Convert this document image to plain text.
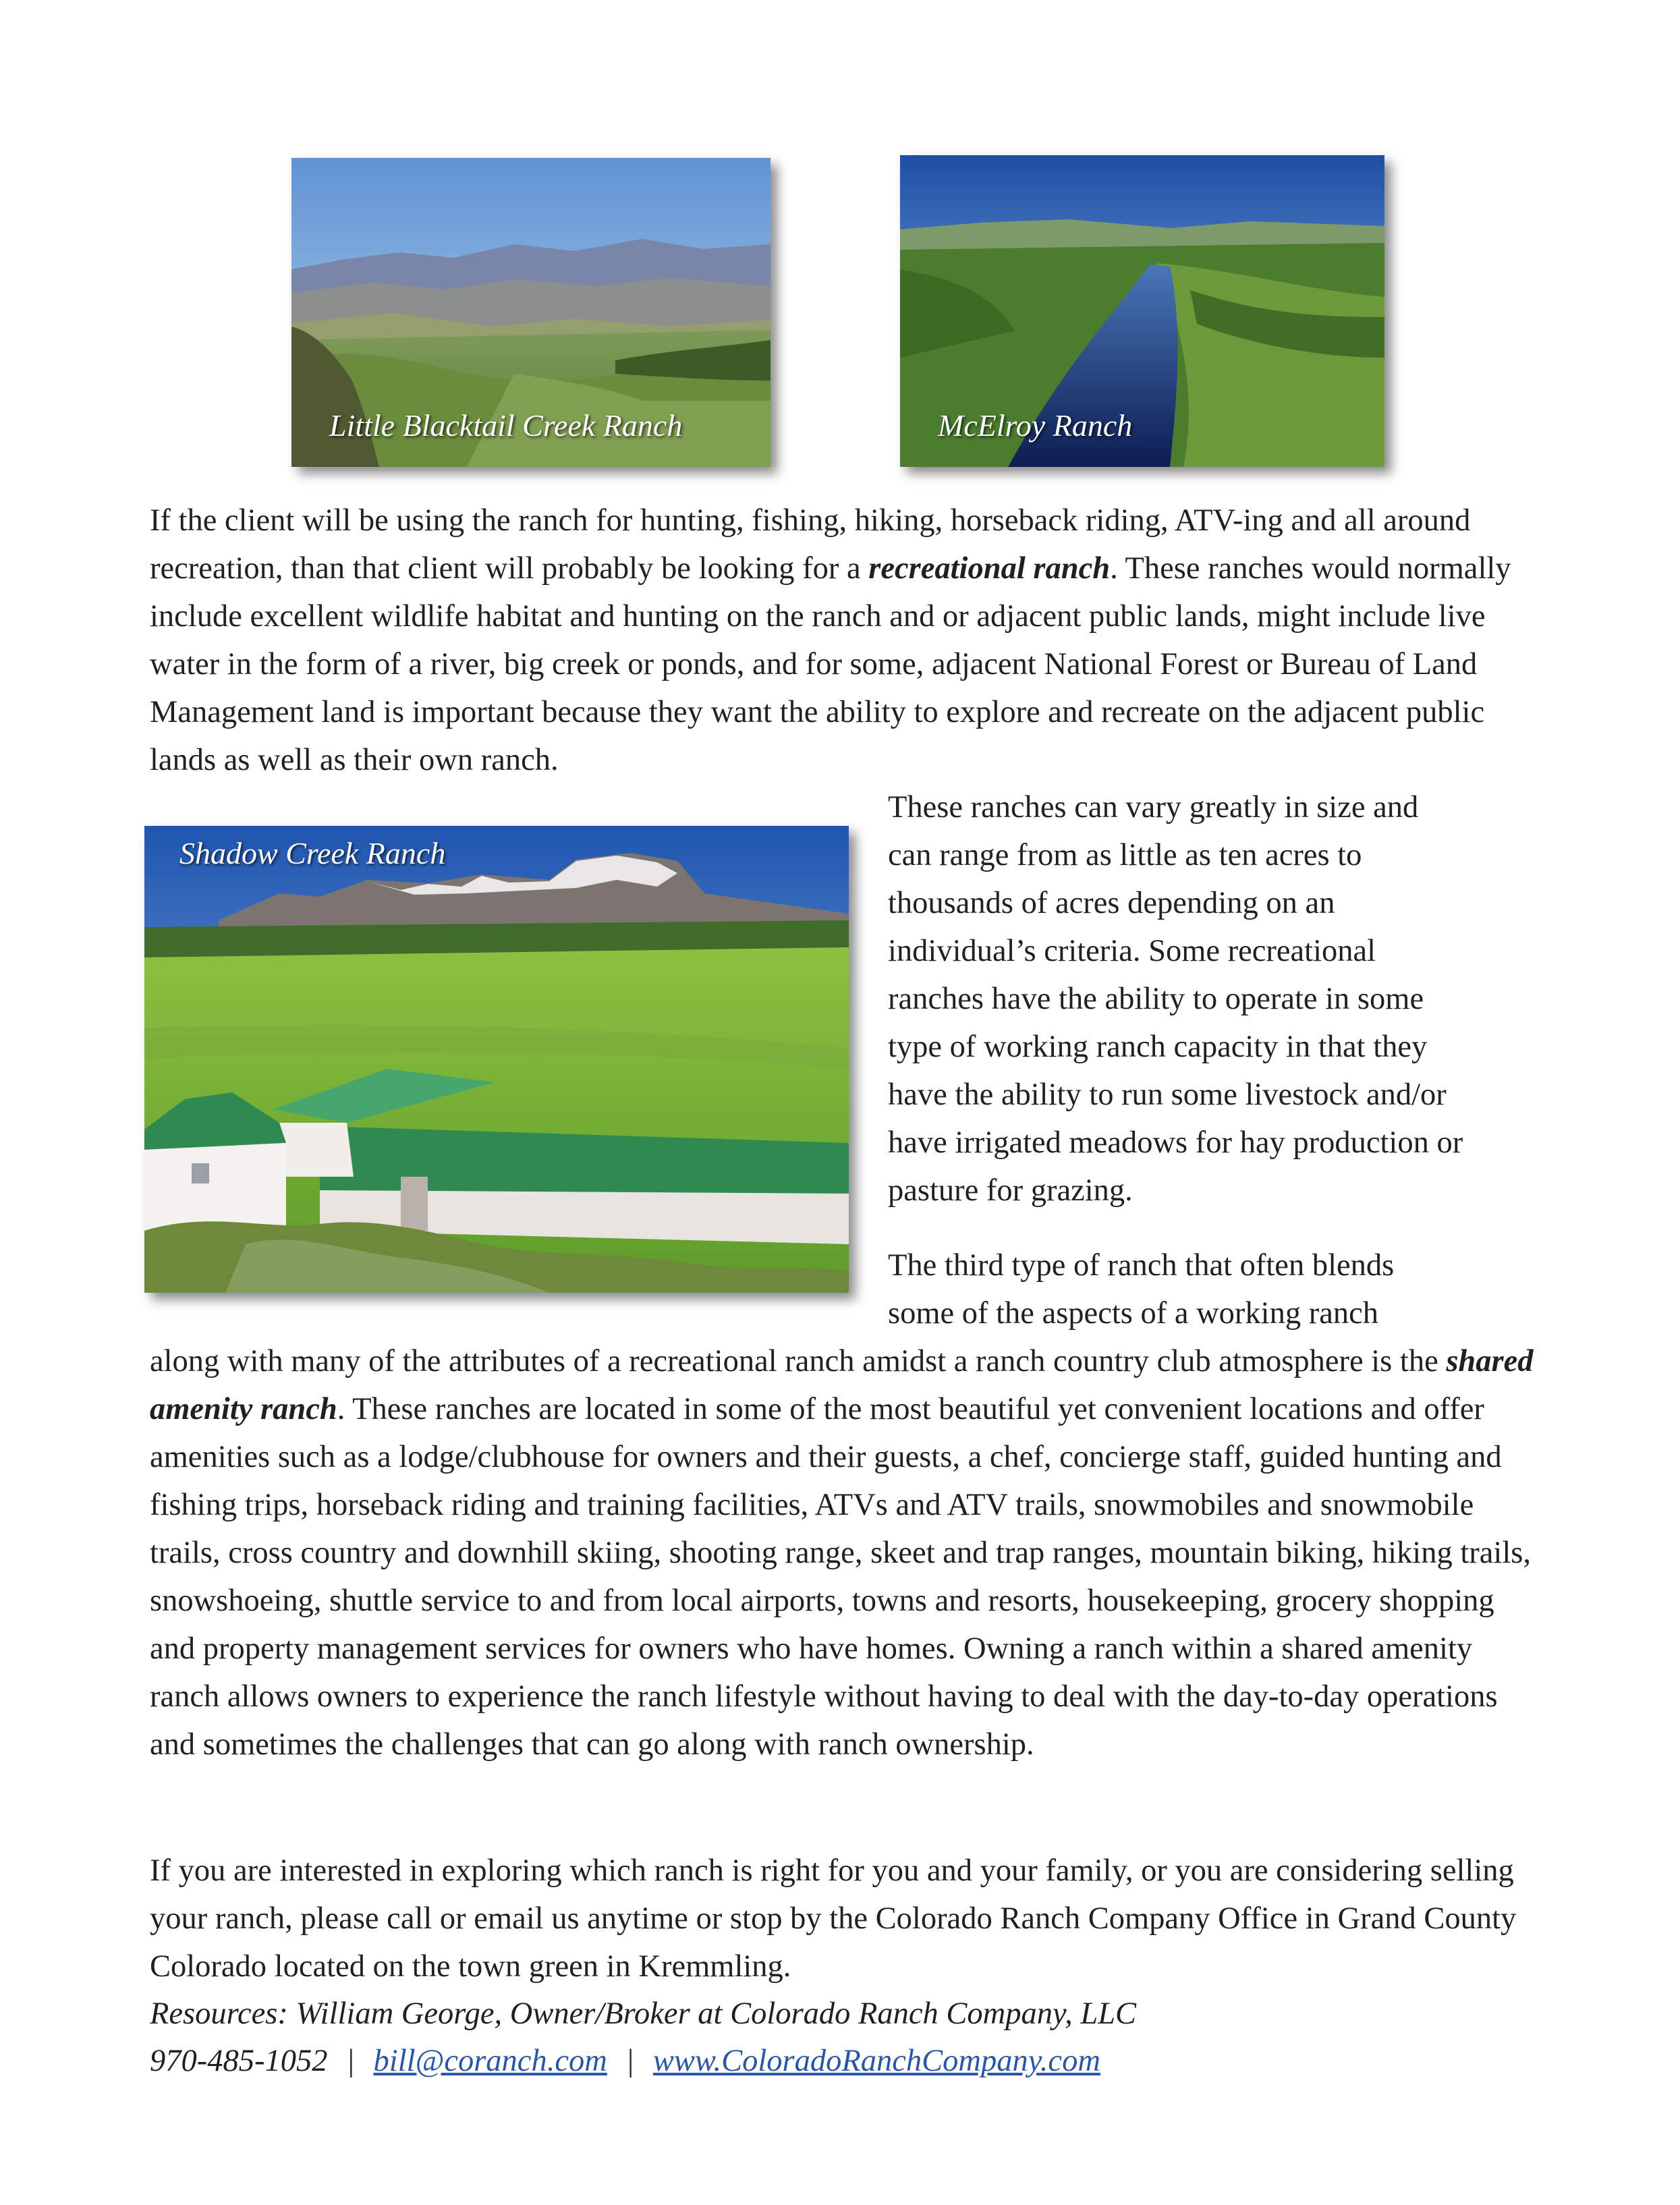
Little Blacktail Creek Ranch	McElroy Ranch

If the client will be using the ranch for hunting, fishing, hiking, horseback riding, ATV-ing and all around recreation, than that client will probably be looking for a recreational ranch. These ranches would normally include excellent wildlife habitat and hunting on the ranch and or adjacent public lands, might include live water in the form of a river, big creek or ponds, and for some, adjacent National Forest or Bureau of Land Management land is important because they want the ability to explore and recreate on the adjacent public lands as well as their own ranch.

Shadow Creek Ranch

These ranches can vary greatly in size and can range from as little as ten acres to thousands of acres depending on an individual’s criteria. Some recreational ranches have the ability to operate in some type of working ranch capacity in that they have the ability to run some livestock and/or have irrigated meadows for hay production or pasture for grazing.

The third type of ranch that often blends some of the aspects of a working ranch

along with many of the attributes of a recreational ranch amidst a ranch country club atmosphere is the shared amenity ranch. These ranches are located in some of the most beautiful yet convenient locations and offer amenities such as a lodge/clubhouse for owners and their guests, a chef, concierge staff, guided hunting and fishing trips, horseback riding and training facilities, ATVs and ATV trails, snowmobiles and snowmobile trails, cross country and downhill skiing, shooting range, skeet and trap ranges, mountain biking, hiking trails, snowshoeing, shuttle service to and from local airports, towns and resorts, housekeeping, grocery shopping and property management services for owners who have homes. Owning a ranch within a shared amenity ranch allows owners to experience the ranch lifestyle without having to deal with the day-to-day operations and sometimes the challenges that can go along with ranch ownership.

If you are interested in exploring which ranch is right for you and your family, or you are considering selling your ranch, please call or email us anytime or stop by the Colorado Ranch Company Office in Grand County Colorado located on the town green in Kremmling.

Resources: William George, Owner/Broker at Colorado Ranch Company, LLC
970-485-1052 | bill@coranch.com | www.ColoradoRanchCompany.com
